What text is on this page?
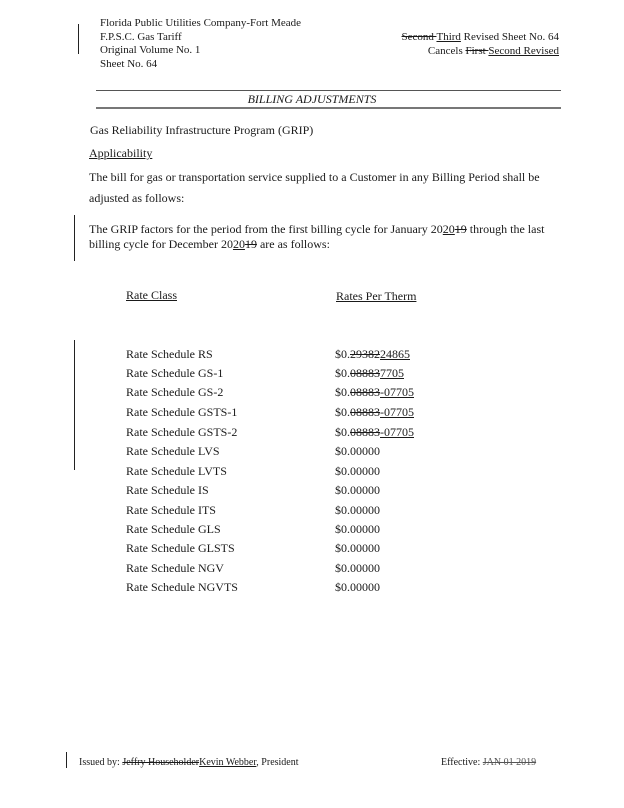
Florida Public Utilities Company-Fort Meade
F.P.S.C. Gas Tariff
Original Volume No. 1
Sheet No. 64
Second Third Revised Sheet No. 64
Cancels First Second Revised
BILLING ADJUSTMENTS
Gas Reliability Infrastructure Program (GRIP)
Applicability
The bill for gas or transportation service supplied to a Customer in any Billing Period shall be
adjusted as follows:
The GRIP factors for the period from the first billing cycle for January 202019 through the last
billing cycle for December 202019 are as follows:
Rate Class	Rates Per Therm
Rate Schedule RS	$0.2938224865
Rate Schedule GS-1	$0.088837705
Rate Schedule GS-2	$0.08883-07705
Rate Schedule GSTS-1	$0.08883-07705
Rate Schedule GSTS-2	$0.08883-07705
Rate Schedule LVS	$0.00000
Rate Schedule LVTS	$0.00000
Rate Schedule IS	$0.00000
Rate Schedule ITS	$0.00000
Rate Schedule GLS	$0.00000
Rate Schedule GLSTS	$0.00000
Rate Schedule NGV	$0.00000
Rate Schedule NGVTS	$0.00000
Issued by: Jeffry HouseholderKevin Webber, President	Effective: JAN 01 2019
